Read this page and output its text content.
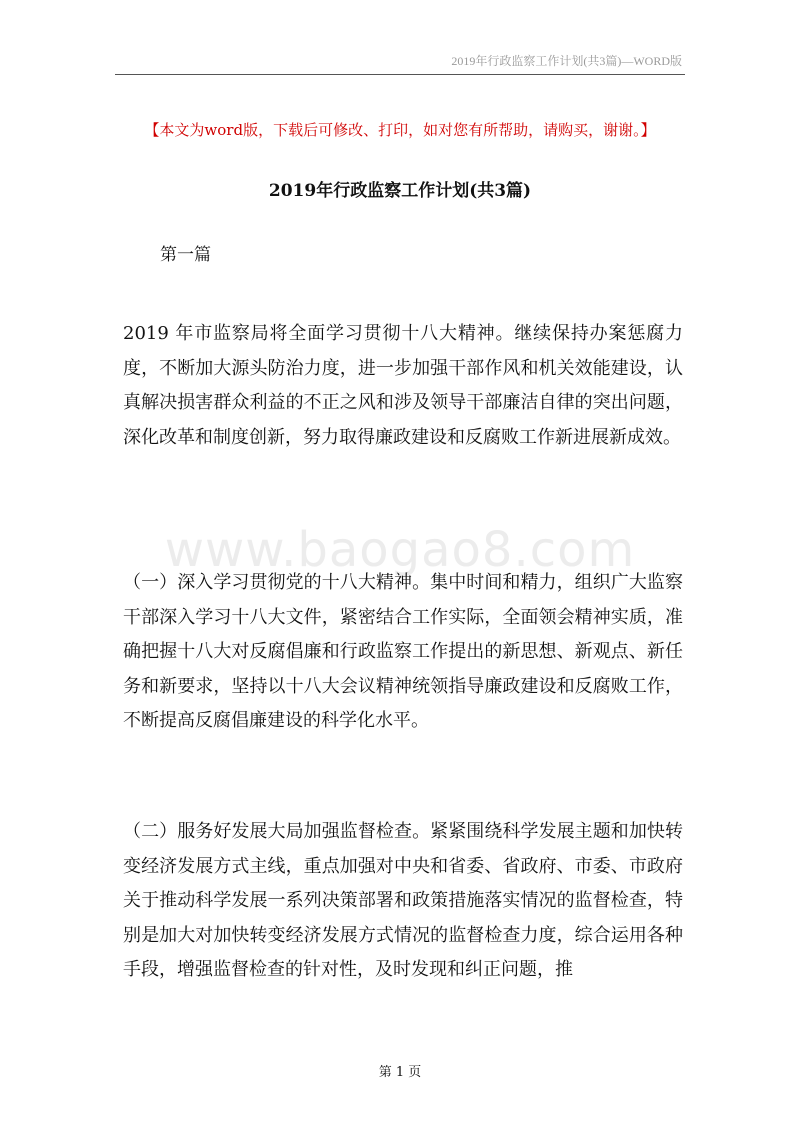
2019年行政监察工作计划(共3篇)—WORD版
【本文为word版，下载后可修改、打印，如对您有所帮助，请购买，谢谢。】
2019年行政监察工作计划(共3篇)
第一篇

2019 年市监察局将全面学习贯彻十八大精神。继续保持办案惩腐力度，不断加大源头防治力度，进一步加强干部作风和机关效能建设，认真解决损害群众利益的不正之风和涉及领导干部廉洁自律的突出问题，深化改革和制度创新，努力取得廉政建设和反腐败工作新进展新成效。

www.baogao8.com

（一）深入学习贯彻党的十八大精神。集中时间和精力，组织广大监察干部深入学习十八大文件，紧密结合工作实际，全面领会精神实质，准确把握十八大对反腐倡廉和行政监察工作提出的新思想、新观点、新任务和新要求，坚持以十八大会议精神统领指导廉政建设和反腐败工作，不断提高反腐倡廉建设的科学化水平。

（二）服务好发展大局加强监督检查。紧紧围绕科学发展主题和加快转变经济发展方式主线，重点加强对中央和省委、省政府、市委、市政府关于推动科学发展一系列决策部署和政策措施落实情况的监督检查，特别是加大对加快转变经济发展方式情况的监督检查力度，综合运用各种手段，增强监督检查的针对性，及时发现和纠正问题，推

第 1 页
